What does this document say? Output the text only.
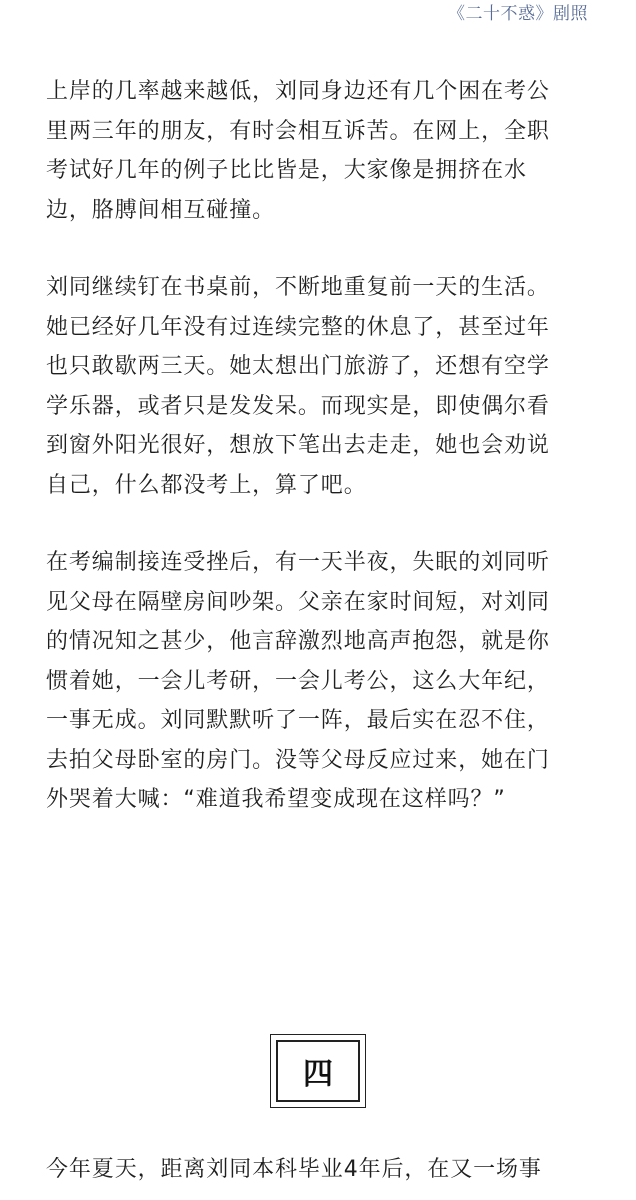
《二十不惑》剧照

上岸的几率越来越低，刘同身边还有几个困在考公
里两三年的朋友，有时会相互诉苦。在网上，全职
考试好几年的例子比比皆是，大家像是拥挤在水
边，胳膊间相互碰撞。

刘同继续钉在书桌前，不断地重复前一天的生活。
她已经好几年没有过连续完整的休息了，甚至过年
也只敢歇两三天。她太想出门旅游了，还想有空学
学乐器，或者只是发发呆。而现实是，即使偶尔看
到窗外阳光很好，想放下笔出去走走，她也会劝说
自己，什么都没考上，算了吧。

在考编制接连受挫后，有一天半夜，失眠的刘同听
见父母在隔壁房间吵架。父亲在家时间短，对刘同
的情况知之甚少，他言辞激烈地高声抱怨，就是你
惯着她，一会儿考研，一会儿考公，这么大年纪，
一事无成。刘同默默听了一阵，最后实在忍不住，
去拍父母卧室的房门。没等父母反应过来，她在门
外哭着大喊：“难道我希望变成现在这样吗？”

四

今年夏天，距离刘同本科毕业4年后，在又一场事
